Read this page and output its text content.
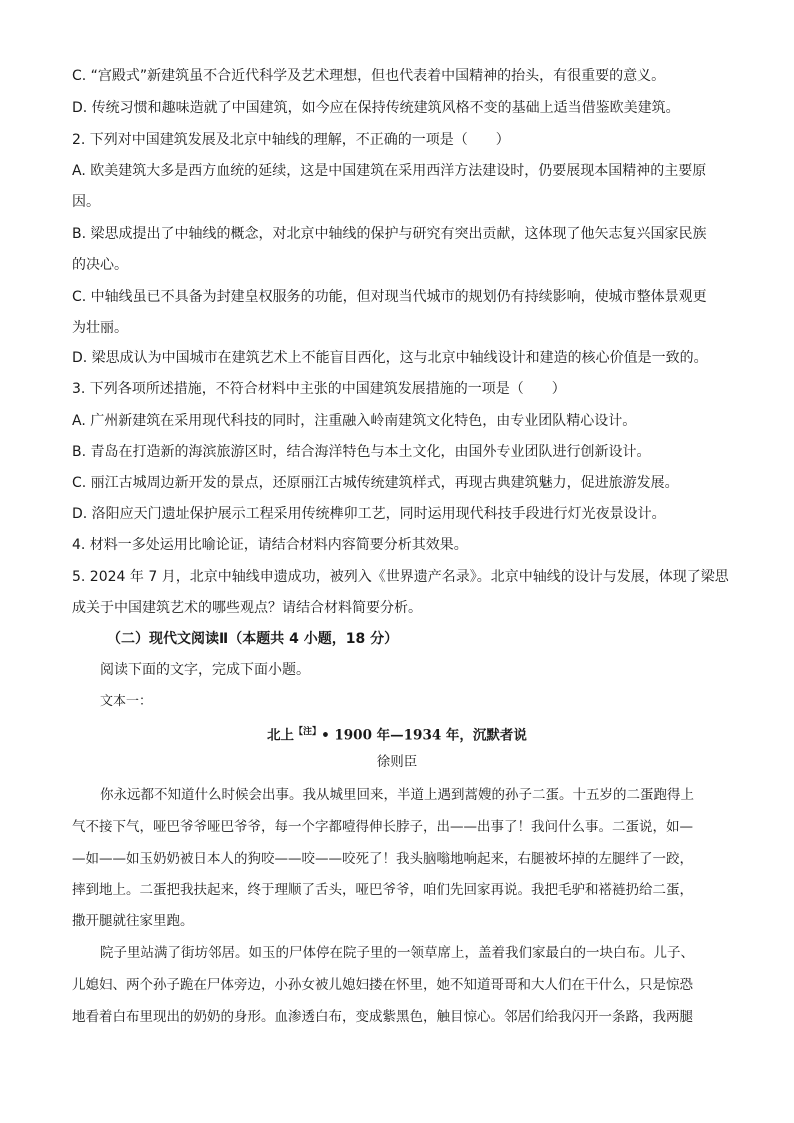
C. “宫殿式”新建筑虽不合近代科学及艺术理想，但也代表着中国精神的抬头，有很重要的意义。
D. 传统习惯和趣味造就了中国建筑，如今应在保持传统建筑风格不变的基础上适当借鉴欧美建筑。
2. 下列对中国建筑发展及北京中轴线的理解，不正确的一项是（　　）
A. 欧美建筑大多是西方血统的延续，这是中国建筑在采用西洋方法建设时，仍要展现本国精神的主要原
因。
B. 梁思成提出了中轴线的概念，对北京中轴线的保护与研究有突出贡献，这体现了他矢志复兴国家民族
的决心。
C. 中轴线虽已不具备为封建皇权服务的功能，但对现当代城市的规划仍有持续影响，使城市整体景观更
为壮丽。
D. 梁思成认为中国城市在建筑艺术上不能盲目西化，这与北京中轴线设计和建造的核心价值是一致的。
3. 下列各项所述措施，不符合材料中主张的中国建筑发展措施的一项是（　　）
A. 广州新建筑在采用现代科技的同时，注重融入岭南建筑文化特色，由专业团队精心设计。
B. 青岛在打造新的海滨旅游区时，结合海洋特色与本土文化，由国外专业团队进行创新设计。
C. 丽江古城周边新开发的景点，还原丽江古城传统建筑样式，再现古典建筑魅力，促进旅游发展。
D. 洛阳应天门遗址保护展示工程采用传统榫卯工艺，同时运用现代科技手段进行灯光夜景设计。
4. 材料一多处运用比喻论证，请结合材料内容简要分析其效果。
5. 2024 年 7 月，北京中轴线申遗成功，被列入《世界遗产名录》。北京中轴线的设计与发展，体现了梁思
成关于中国建筑艺术的哪些观点？请结合材料简要分析。
（二）现代文阅读Ⅱ（本题共 4 小题，18 分）
阅读下面的文字，完成下面小题。
文本一：
北上$^{【注】}$• 1900 年—1934 年，沉默者说
徐则臣
你永远都不知道什么时候会出事。我从城里回来，半道上遇到蒿嫂的孙子二蛋。十五岁的二蛋跑得上
气不接下气，哑巴爷爷哑巴爷爷，每一个字都噎得伸长脖子，出——出事了！我问什么事。二蛋说，如—
—如——如玉奶奶被日本人的狗咬——咬——咬死了！我头脑嗡地响起来，右腿被坏掉的左腿绊了一跤，
摔到地上。二蛋把我扶起来，终于理顺了舌头，哑巴爷爷，咱们先回家再说。我把毛驴和褡裢扔给二蛋，
撒开腿就往家里跑。
院子里站满了街坊邻居。如玉的尸体停在院子里的一领草席上，盖着我们家最白的一块白布。儿子、
儿媳妇、两个孙子跪在尸体旁边，小孙女被儿媳妇搂在怀里，她不知道哥哥和大人们在干什么，只是惊恐
地看着白布里现出的奶奶的身形。血渗透白布，变成紫黑色，触目惊心。邻居们给我闪开一条路，我两腿
